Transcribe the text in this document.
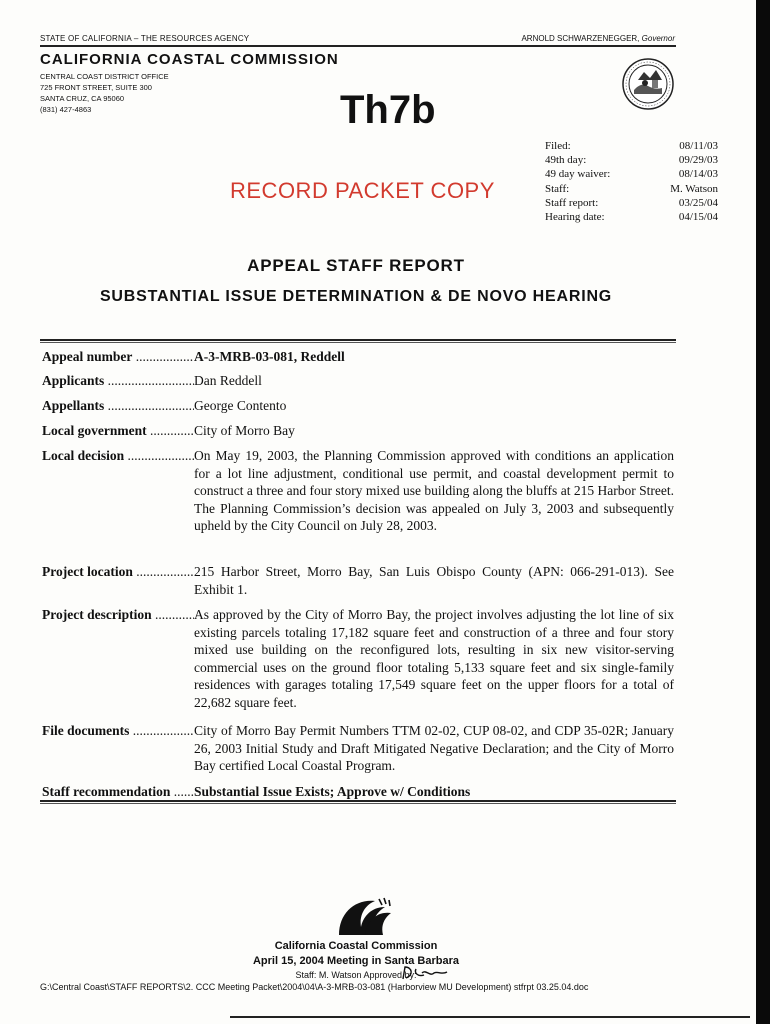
STATE OF CALIFORNIA – THE RESOURCES AGENCY	ARNOLD SCHWARZENEGGER, Governor
CALIFORNIA COASTAL COMMISSION
CENTRAL COAST DISTRICT OFFICE
725 FRONT STREET, SUITE 300
SANTA CRUZ, CA 95060
(831) 427-4863	Th7b
Filed:	08/11/03
49th day:	09/29/03
49 day waiver:	08/14/03
Staff:	M. Watson
Staff report:	03/25/04
Hearing date:	04/15/04
RECORD PACKET COPY
APPEAL STAFF REPORT
SUBSTANTIAL ISSUE DETERMINATION & DE NOVO HEARING
Appeal number .....	A-3-MRB-03-081, Reddell
Applicants .....	Dan Reddell
Appellants .....	George Contento
Local government .....	City of Morro Bay
Local decision .....	On May 19, 2003, the Planning Commission approved with conditions an application for a lot line adjustment, conditional use permit, and coastal development permit to construct a three and four story mixed use building along the bluffs at 215 Harbor Street. The Planning Commission’s decision was appealed on July 3, 2003 and subsequently upheld by the City Council on July 28, 2003.
Project location .....	215 Harbor Street, Morro Bay, San Luis Obispo County (APN: 066-291-013). See Exhibit 1.
Project description .....	As approved by the City of Morro Bay, the project involves adjusting the lot line of six existing parcels totaling 17,182 square feet and construction of a three and four story mixed use building on the reconfigured lots, resulting in six new visitor-serving commercial uses on the ground floor totaling 5,133 square feet and six single-family residences with garages totaling 17,549 square feet on the upper floors for a total of 22,682 square feet.
File documents .....	City of Morro Bay Permit Numbers TTM 02-02, CUP 08-02, and CDP 35-02R; January 26, 2003 Initial Study and Draft Mitigated Negative Declaration; and the City of Morro Bay certified Local Coastal Program.
Staff recommendation .....	Substantial Issue Exists; Approve w/ Conditions
California Coastal Commission
April 15, 2004 Meeting in Santa Barbara
Staff: M. Watson Approved by:
G:\Central Coast\STAFF REPORTS\2. CCC Meeting Packet\2004\04\A-3-MRB-03-081 (Harborview MU Development) stfrpt 03.25.04.doc
